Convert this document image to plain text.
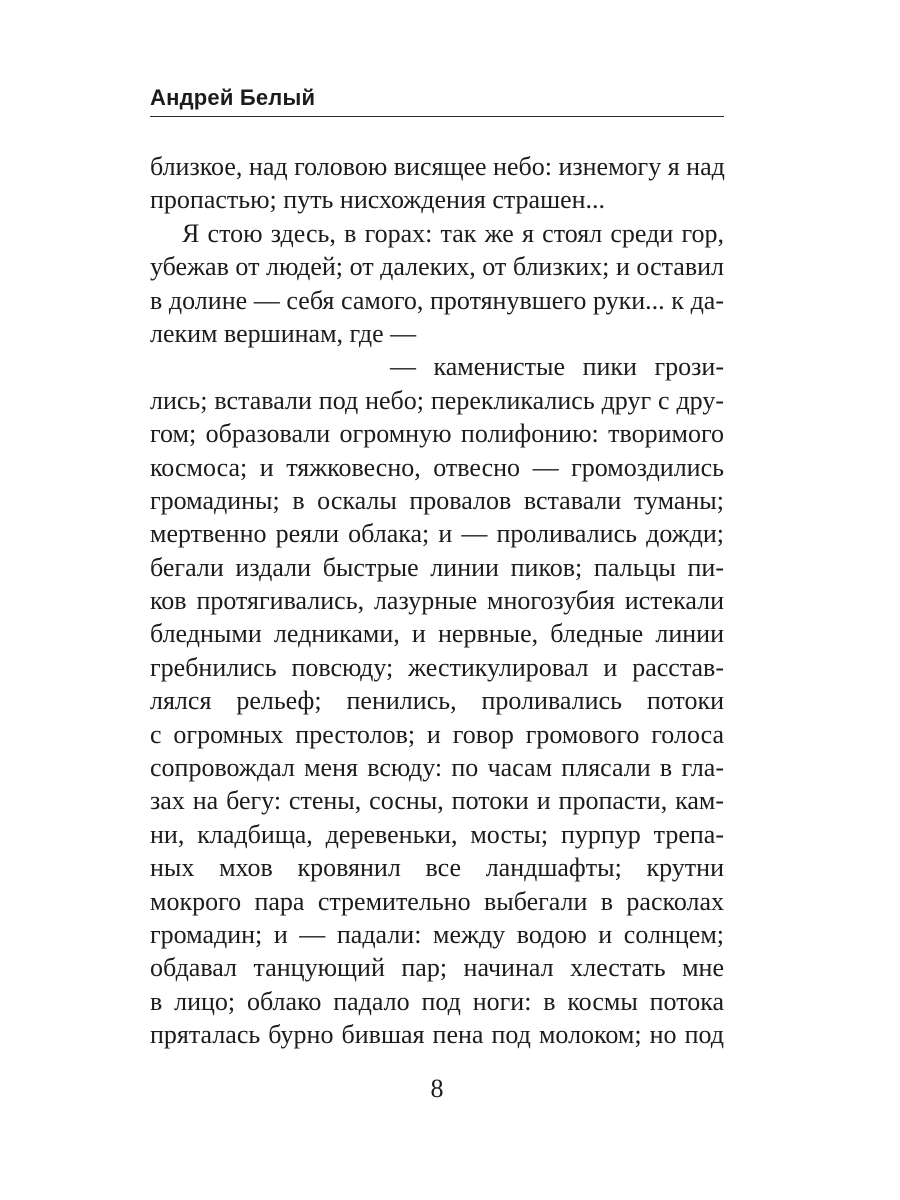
Андрей Белый
близкое, над головою висящее небо: изнемогу я над
пропастью; путь нисхождения страшен...
Я стою здесь, в горах: так же я стоял среди гор,
убежав от людей; от далеких, от близких; и оставил
в долине — себя самого, протянувшего руки... к да-
леким вершинам, где —
— каменистые пики грози-
лись; вставали под небо; перекликались друг с дру-
гом; образовали огромную полифонию: творимого
космоса; и тяжковесно, отвесно — громоздились
громадины; в оскалы провалов вставали туманы;
мертвенно реяли облака; и — проливались дожди;
бегали издали быстрые линии пиков; пальцы пи-
ков протягивались, лазурные многозубия истекали
бледными ледниками, и нервные, бледные линии
гребнились повсюду; жестикулировал и расстав-
лялся рельеф; пенились, проливались потоки
с огромных престолов; и говор громового голоса
сопровождал меня всюду: по часам плясали в гла-
зах на бегу: стены, сосны, потоки и пропасти, кам-
ни, кладбища, деревеньки, мосты; пурпур трепа-
ных мхов кровянил все ландшафты; крутни
мокрого пара стремительно выбегали в расколах
громадин; и — падали: между водою и солнцем;
обдавал танцующий пар; начинал хлестать мне
в лицо; облако падало под ноги: в космы потока
пряталась бурно бившая пена под молоком; но под
8
